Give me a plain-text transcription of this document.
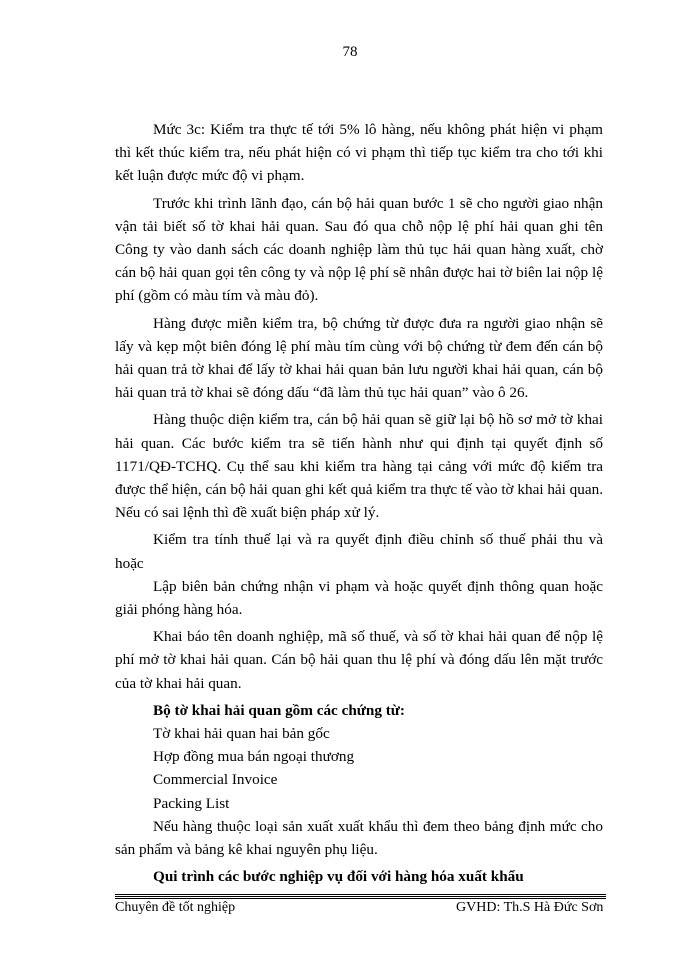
78

Mức 3c: Kiểm tra thực tế tới 5% lô hàng, nếu không phát hiện vi phạm thì kết thúc kiểm tra, nếu phát hiện có vi phạm thì tiếp tục kiểm tra cho tới khi kết luận được mức độ vi phạm.

Trước khi trình lãnh đạo, cán bộ hải quan bước 1 sẽ cho người giao nhận vận tải biết số tờ khai hải quan. Sau đó qua chỗ nộp lệ phí hải quan ghi tên Công ty vào danh sách các doanh nghiệp làm thủ tục hải quan hàng xuất, chờ cán bộ hải quan gọi tên công ty và nộp lệ phí sẽ nhân được hai tờ biên lai nộp lệ phí (gồm có màu tím và màu đỏ).

Hàng được miễn kiểm tra, bộ chứng từ được đưa ra người giao nhận sẽ lấy và kẹp một biên đóng lệ phí màu tím cùng với bộ chứng từ đem đến cán bộ hải quan trả tờ khai để lấy tờ khai hải quan bản lưu người khai hải quan, cán bộ hải quan trả tờ khai sẽ đóng dấu “đã làm thủ tục hải quan” vào ô 26.

Hàng thuộc diện kiểm tra, cán bộ hải quan sẽ giữ lại bộ hồ sơ mở tờ khai hải quan. Các bước kiểm tra sẽ tiến hành như qui định tại quyết định số 1171/QĐ-TCHQ. Cụ thể sau khi kiểm tra hàng tại cảng với mức độ kiểm tra được thể hiện, cán bộ hải quan ghi kết quả kiểm tra thực tế vào tờ khai hải quan. Nếu có sai lệnh thì đề xuất biện pháp xử lý.

Kiểm tra tính thuế lại và ra quyết định điều chỉnh số thuế phải thu và hoặc

Lập biên bản chứng nhận vi phạm và hoặc quyết định thông quan hoặc giải phóng hàng hóa.

Khai báo tên doanh nghiệp, mã số thuế, và số tờ khai hải quan để nộp lệ phí mở tờ khai hải quan. Cán bộ hải quan thu lệ phí và đóng dấu lên mặt trước của tờ khai hải quan.

Bộ tờ khai hải quan gồm các chứng từ:

Tờ khai hải quan hai bản gốc

Hợp đồng mua bán ngoại thương

Commercial Invoice

Packing List

Nếu hàng thuộc loại sản xuất xuất khẩu thì đem theo bảng định mức cho sản phẩm và bảng kê khai nguyên phụ liệu.

Qui trình các bước nghiệp vụ đối với hàng hóa xuất khẩu

Chuyên đề tốt nghiệp	GVHD: Th.S Hà Đức Sơn
